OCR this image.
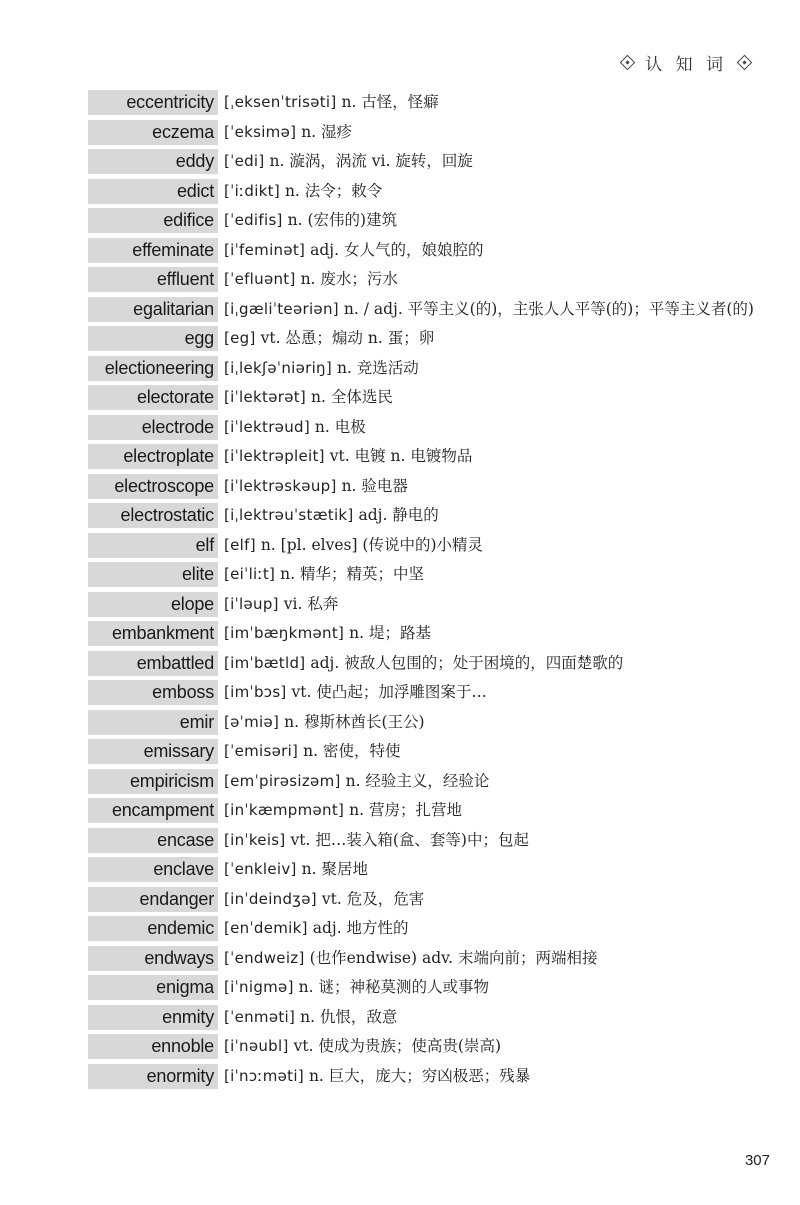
认 知 词
eccentricity [ˌeksenˈtrisəti] n. 古怪，怪癖
eczema [ˈeksimə] n. 湿疹
eddy [ˈedi] n. 漩涡，涡流 vi. 旋转，回旋
edict [ˈiːdikt] n. 法令；敕令
edifice [ˈedifis] n. (宏伟的)建筑
effeminate [iˈfeminət] adj. 女人气的，娘娘腔的
effluent [ˈefluənt] n. 废水；污水
egalitarian [iˌgæliˈteəriən] n. / adj. 平等主义(的)，主张人人平等(的)；平等主义者(的)
egg [eg] vt. 怂恿；煽动 n. 蛋；卵
electioneering [iˌlekʃəˈniəriŋ] n. 竞选活动
electorate [iˈlektərət] n. 全体选民
electrode [iˈlektrəud] n. 电极
electroplate [iˈlektrəpleit] vt. 电镀 n. 电镀物品
electroscope [iˈlektrəskəup] n. 验电器
electrostatic [iˌlektrəuˈstætik] adj. 静电的
elf [elf] n. [pl. elves] (传说中的)小精灵
elite [eiˈliːt] n. 精华；精英；中坚
elope [iˈləup] vi. 私奔
embankment [imˈbæŋkmənt] n. 堤；路基
embattled [imˈbætld] adj. 被敌人包围的；处于困境的，四面楚歌的
emboss [imˈbɔs] vt. 使凸起；加浮雕图案于…
emir [əˈmiə] n. 穆斯林酋长(王公)
emissary [ˈemisəri] n. 密使，特使
empiricism [emˈpirəsizəm] n. 经验主义，经验论
encampment [inˈkæmpmənt] n. 营房；扎营地
encase [inˈkeis] vt. 把…装入箱(盒、套等)中；包起
enclave [ˈenkleiv] n. 聚居地
endanger [inˈdeindʒə] vt. 危及，危害
endemic [enˈdemik] adj. 地方性的
endways [ˈendweiz] (也作endwise) adv. 末端向前；两端相接
enigma [iˈnigmə] n. 谜；神秘莫测的人或事物
enmity [ˈenməti] n. 仇恨，敌意
ennoble [iˈnəubl] vt. 使成为贵族；使高贵(崇高)
enormity [iˈnɔːməti] n. 巨大，庞大；穷凶极恶；残暴
307
